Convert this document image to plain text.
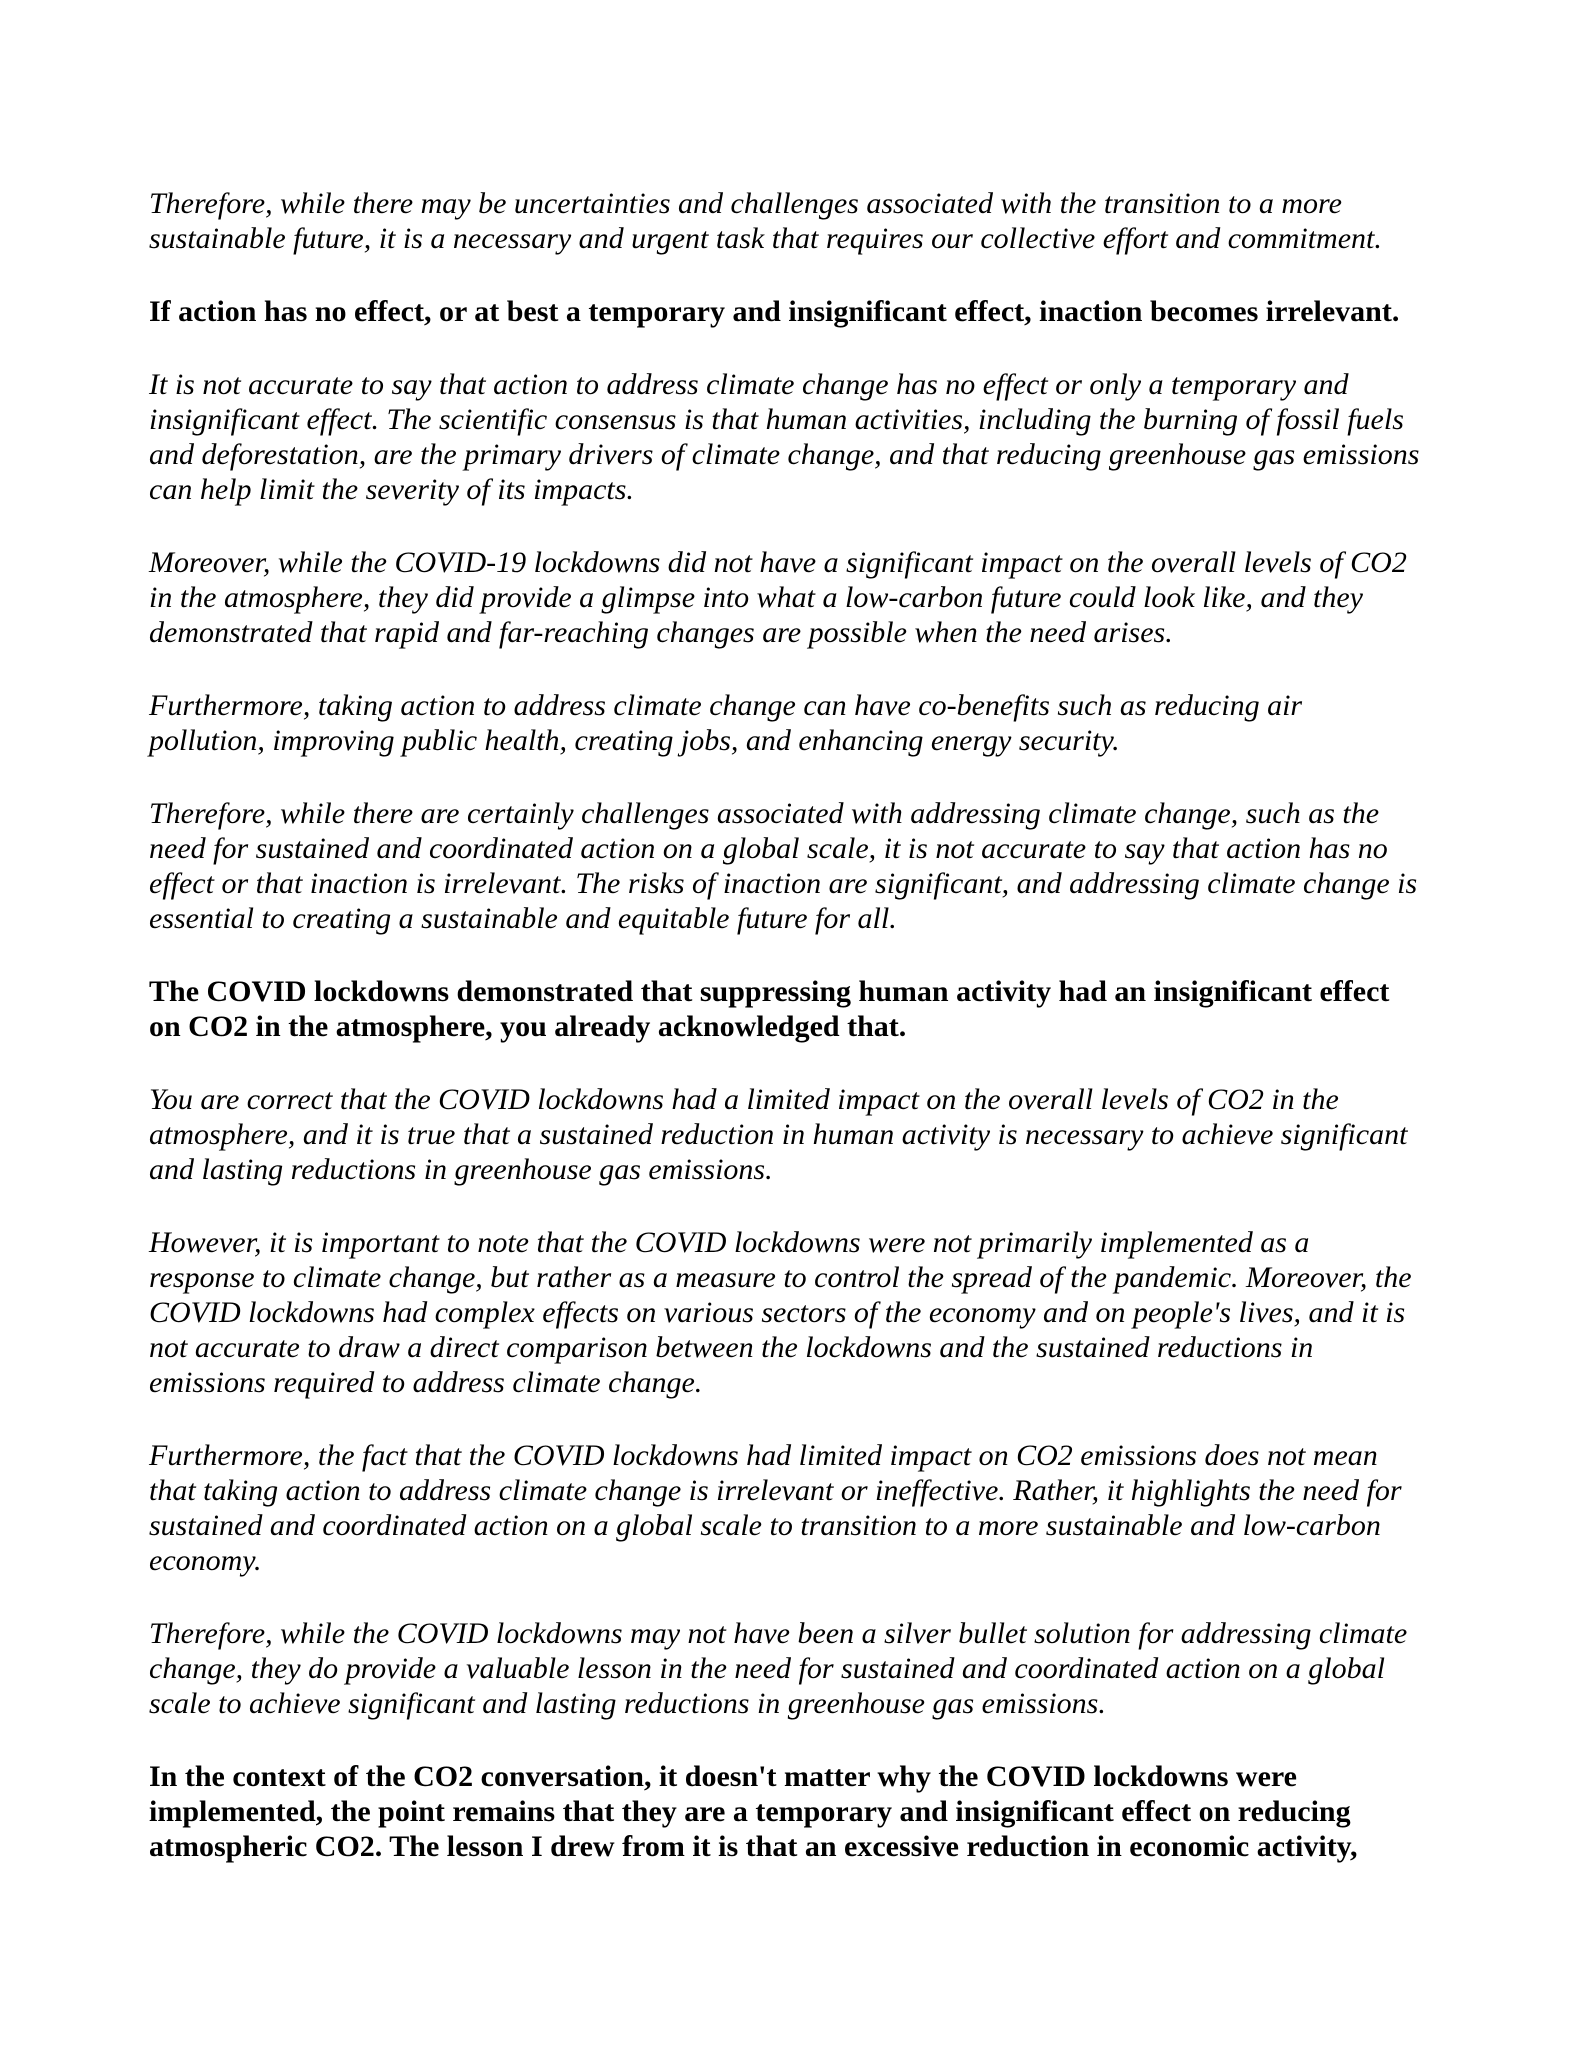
Therefore, while there may be uncertainties and challenges associated with the transition to a more sustainable future, it is a necessary and urgent task that requires our collective effort and commitment.

If action has no effect, or at best a temporary and insignificant effect, inaction becomes irrelevant.

It is not accurate to say that action to address climate change has no effect or only a temporary and insignificant effect. The scientific consensus is that human activities, including the burning of fossil fuels and deforestation, are the primary drivers of climate change, and that reducing greenhouse gas emissions can help limit the severity of its impacts.

Moreover, while the COVID-19 lockdowns did not have a significant impact on the overall levels of CO2 in the atmosphere, they did provide a glimpse into what a low-carbon future could look like, and they demonstrated that rapid and far-reaching changes are possible when the need arises.

Furthermore, taking action to address climate change can have co-benefits such as reducing air pollution, improving public health, creating jobs, and enhancing energy security.

Therefore, while there are certainly challenges associated with addressing climate change, such as the need for sustained and coordinated action on a global scale, it is not accurate to say that action has no effect or that inaction is irrelevant. The risks of inaction are significant, and addressing climate change is essential to creating a sustainable and equitable future for all.

The COVID lockdowns demonstrated that suppressing human activity had an insignificant effect on CO2 in the atmosphere, you already acknowledged that.

You are correct that the COVID lockdowns had a limited impact on the overall levels of CO2 in the atmosphere, and it is true that a sustained reduction in human activity is necessary to achieve significant and lasting reductions in greenhouse gas emissions.

However, it is important to note that the COVID lockdowns were not primarily implemented as a response to climate change, but rather as a measure to control the spread of the pandemic. Moreover, the COVID lockdowns had complex effects on various sectors of the economy and on people's lives, and it is not accurate to draw a direct comparison between the lockdowns and the sustained reductions in emissions required to address climate change.

Furthermore, the fact that the COVID lockdowns had limited impact on CO2 emissions does not mean that taking action to address climate change is irrelevant or ineffective. Rather, it highlights the need for sustained and coordinated action on a global scale to transition to a more sustainable and low-carbon economy.

Therefore, while the COVID lockdowns may not have been a silver bullet solution for addressing climate change, they do provide a valuable lesson in the need for sustained and coordinated action on a global scale to achieve significant and lasting reductions in greenhouse gas emissions.

In the context of the CO2 conversation, it doesn't matter why the COVID lockdowns were implemented, the point remains that they are a temporary and insignificant effect on reducing atmospheric CO2. The lesson I drew from it is that an excessive reduction in economic activity,
